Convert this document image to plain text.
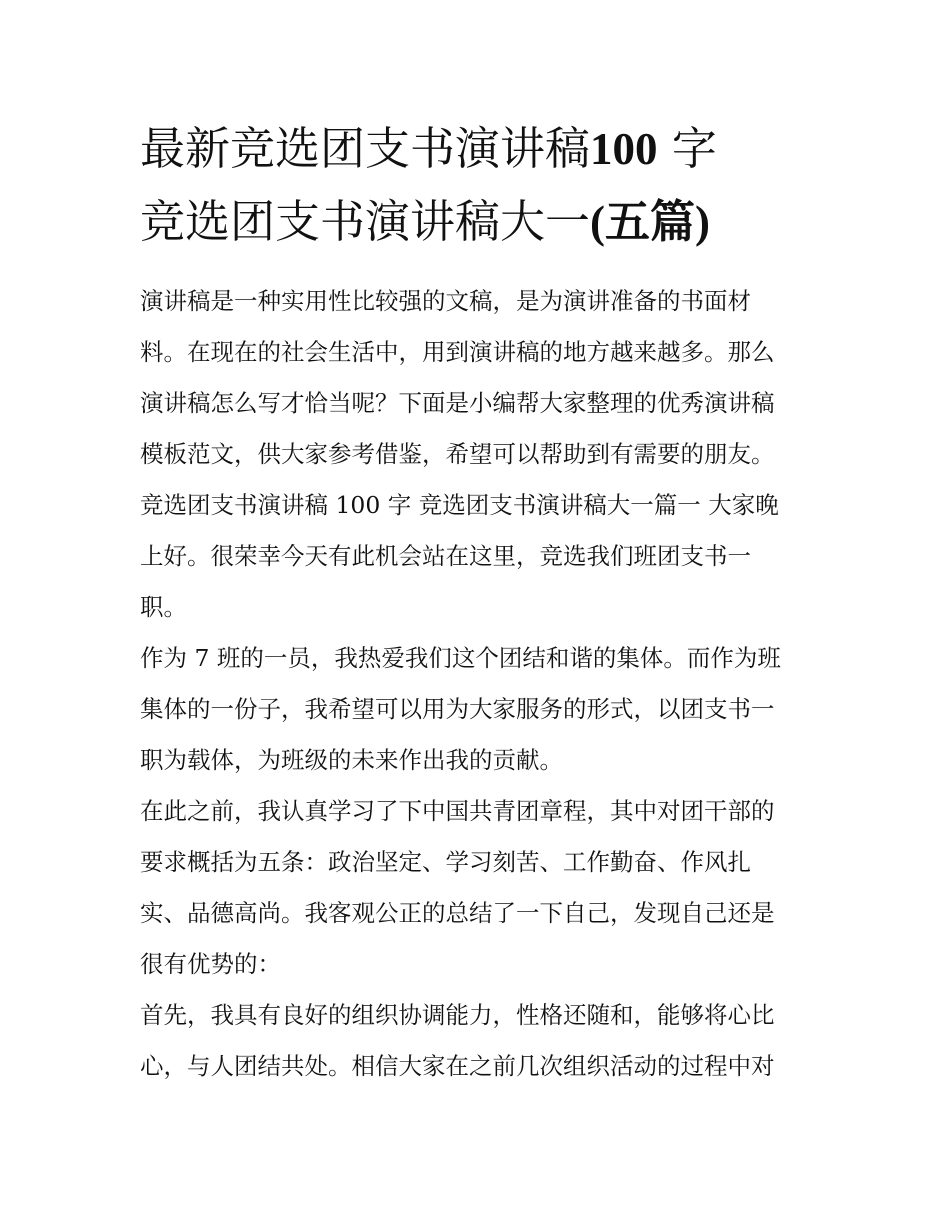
最新竞选团支书演讲稿100 字
竞选团支书演讲稿大一(五篇)
演讲稿是一种实用性比较强的文稿，是为演讲准备的书面材
料。在现在的社会生活中，用到演讲稿的地方越来越多。那么
演讲稿怎么写才恰当呢？下面是小编帮大家整理的优秀演讲稿
模板范文，供大家参考借鉴，希望可以帮助到有需要的朋友。
竞选团支书演讲稿 100 字 竞选团支书演讲稿大一篇一 大家晚
上好。很荣幸今天有此机会站在这里，竞选我们班团支书一
职。
作为 7 班的一员，我热爱我们这个团结和谐的集体。而作为班
集体的一份子，我希望可以用为大家服务的形式，以团支书一
职为载体，为班级的未来作出我的贡献。
在此之前，我认真学习了下中国共青团章程，其中对团干部的
要求概括为五条：政治坚定、学习刻苦、工作勤奋、作风扎
实、品德高尚。我客观公正的总结了一下自己，发现自己还是
很有优势的：
首先，我具有良好的组织协调能力，性格还随和，能够将心比
心，与人团结共处。相信大家在之前几次组织活动的过程中对
